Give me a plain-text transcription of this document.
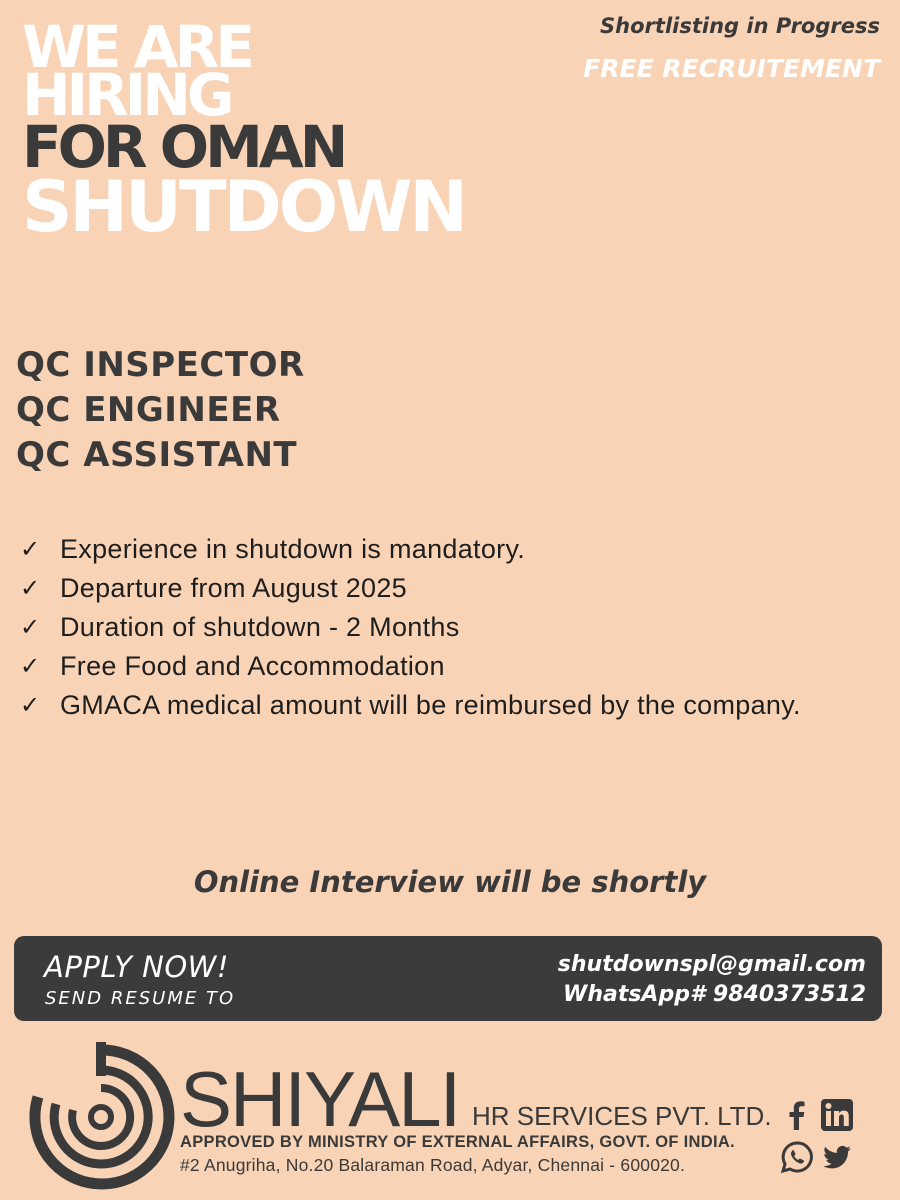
WE ARE
HIRING
FOR OMAN
SHUTDOWN
Shortlisting in Progress
FREE RECRUITEMENT
QC INSPECTOR
QC ENGINEER
QC ASSISTANT
✓ Experience in shutdown is mandatory.
✓ Departure from August 2025
✓ Duration of shutdown - 2 Months
✓ Free Food and Accommodation
✓ GMACA medical amount will be reimbursed by the company.
Online Interview will be shortly
APPLY NOW!
SEND RESUME TO
shutdownspl@gmail.com
WhatsApp# 9840373512
SHIYALI HR SERVICES PVT. LTD.
APPROVED BY MINISTRY OF EXTERNAL AFFAIRS, GOVT. OF INDIA.
#2 Anugriha, No.20 Balaraman Road, Adyar, Chennai - 600020.
